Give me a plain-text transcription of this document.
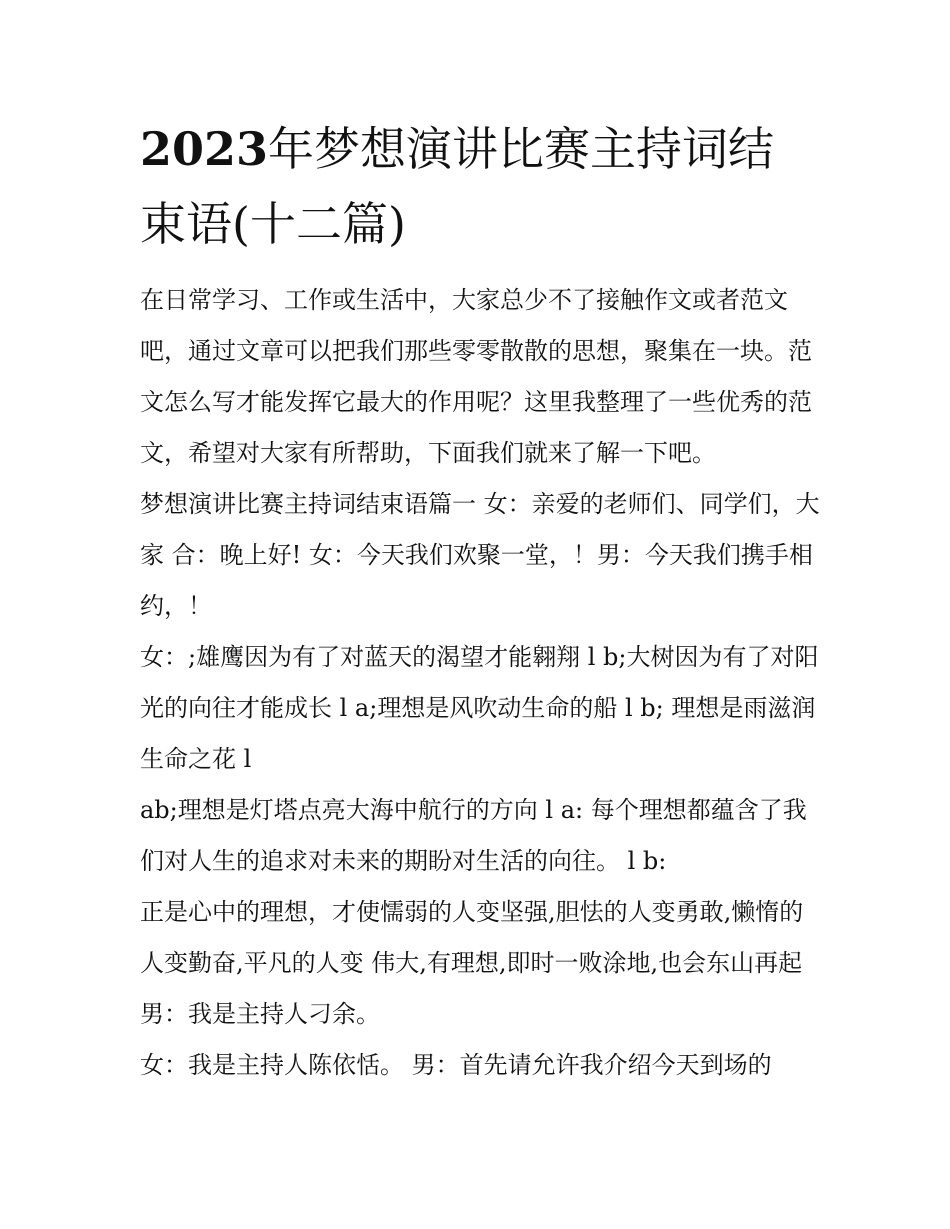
2023年梦想演讲比赛主持词结束语(十二篇)

在日常学习、工作或生活中，大家总少不了接触作文或者范文吧，通过文章可以把我们那些零零散散的思想，聚集在一块。范文怎么写才能发挥它最大的作用呢？这里我整理了一些优秀的范文，希望对大家有所帮助，下面我们就来了解一下吧。

梦想演讲比赛主持词结束语篇一 女：亲爱的老师们、同学们，大家 合：晚上好! 女：今天我们欢聚一堂，！男：今天我们携手相约，！

女：;雄鹰因为有了对蓝天的渴望才能翱翔 l b;大树因为有了对阳光的向往才能成长 l a;理想是风吹动生命的船 l b; 理想是雨滋润生命之花 l

ab;理想是灯塔点亮大海中航行的方向 l a: 每个理想都蕴含了我们对人生的追求对未来的期盼对生活的向往。 l b:

正是心中的理想，才使懦弱的人变坚强,胆怯的人变勇敢,懒惰的人变勤奋,平凡的人变 伟大,有理想,即时一败涂地,也会东山再起 男：我是主持人刁余。

女：我是主持人陈依恬。 男：首先请允许我介绍今天到场的
